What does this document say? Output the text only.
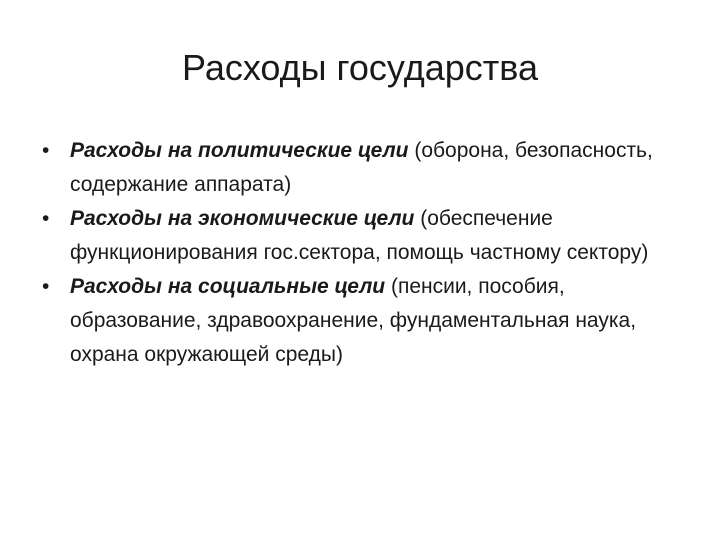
Расходы государства
• Расходы на политические цели (оборона, безопасность, содержание аппарата)
• Расходы на экономические цели (обеспечение функционирования гос.сектора, помощь частному сектору)
• Расходы на социальные цели (пенсии, пособия, образование, здравоохранение, фундаментальная наука, охрана окружающей среды)
